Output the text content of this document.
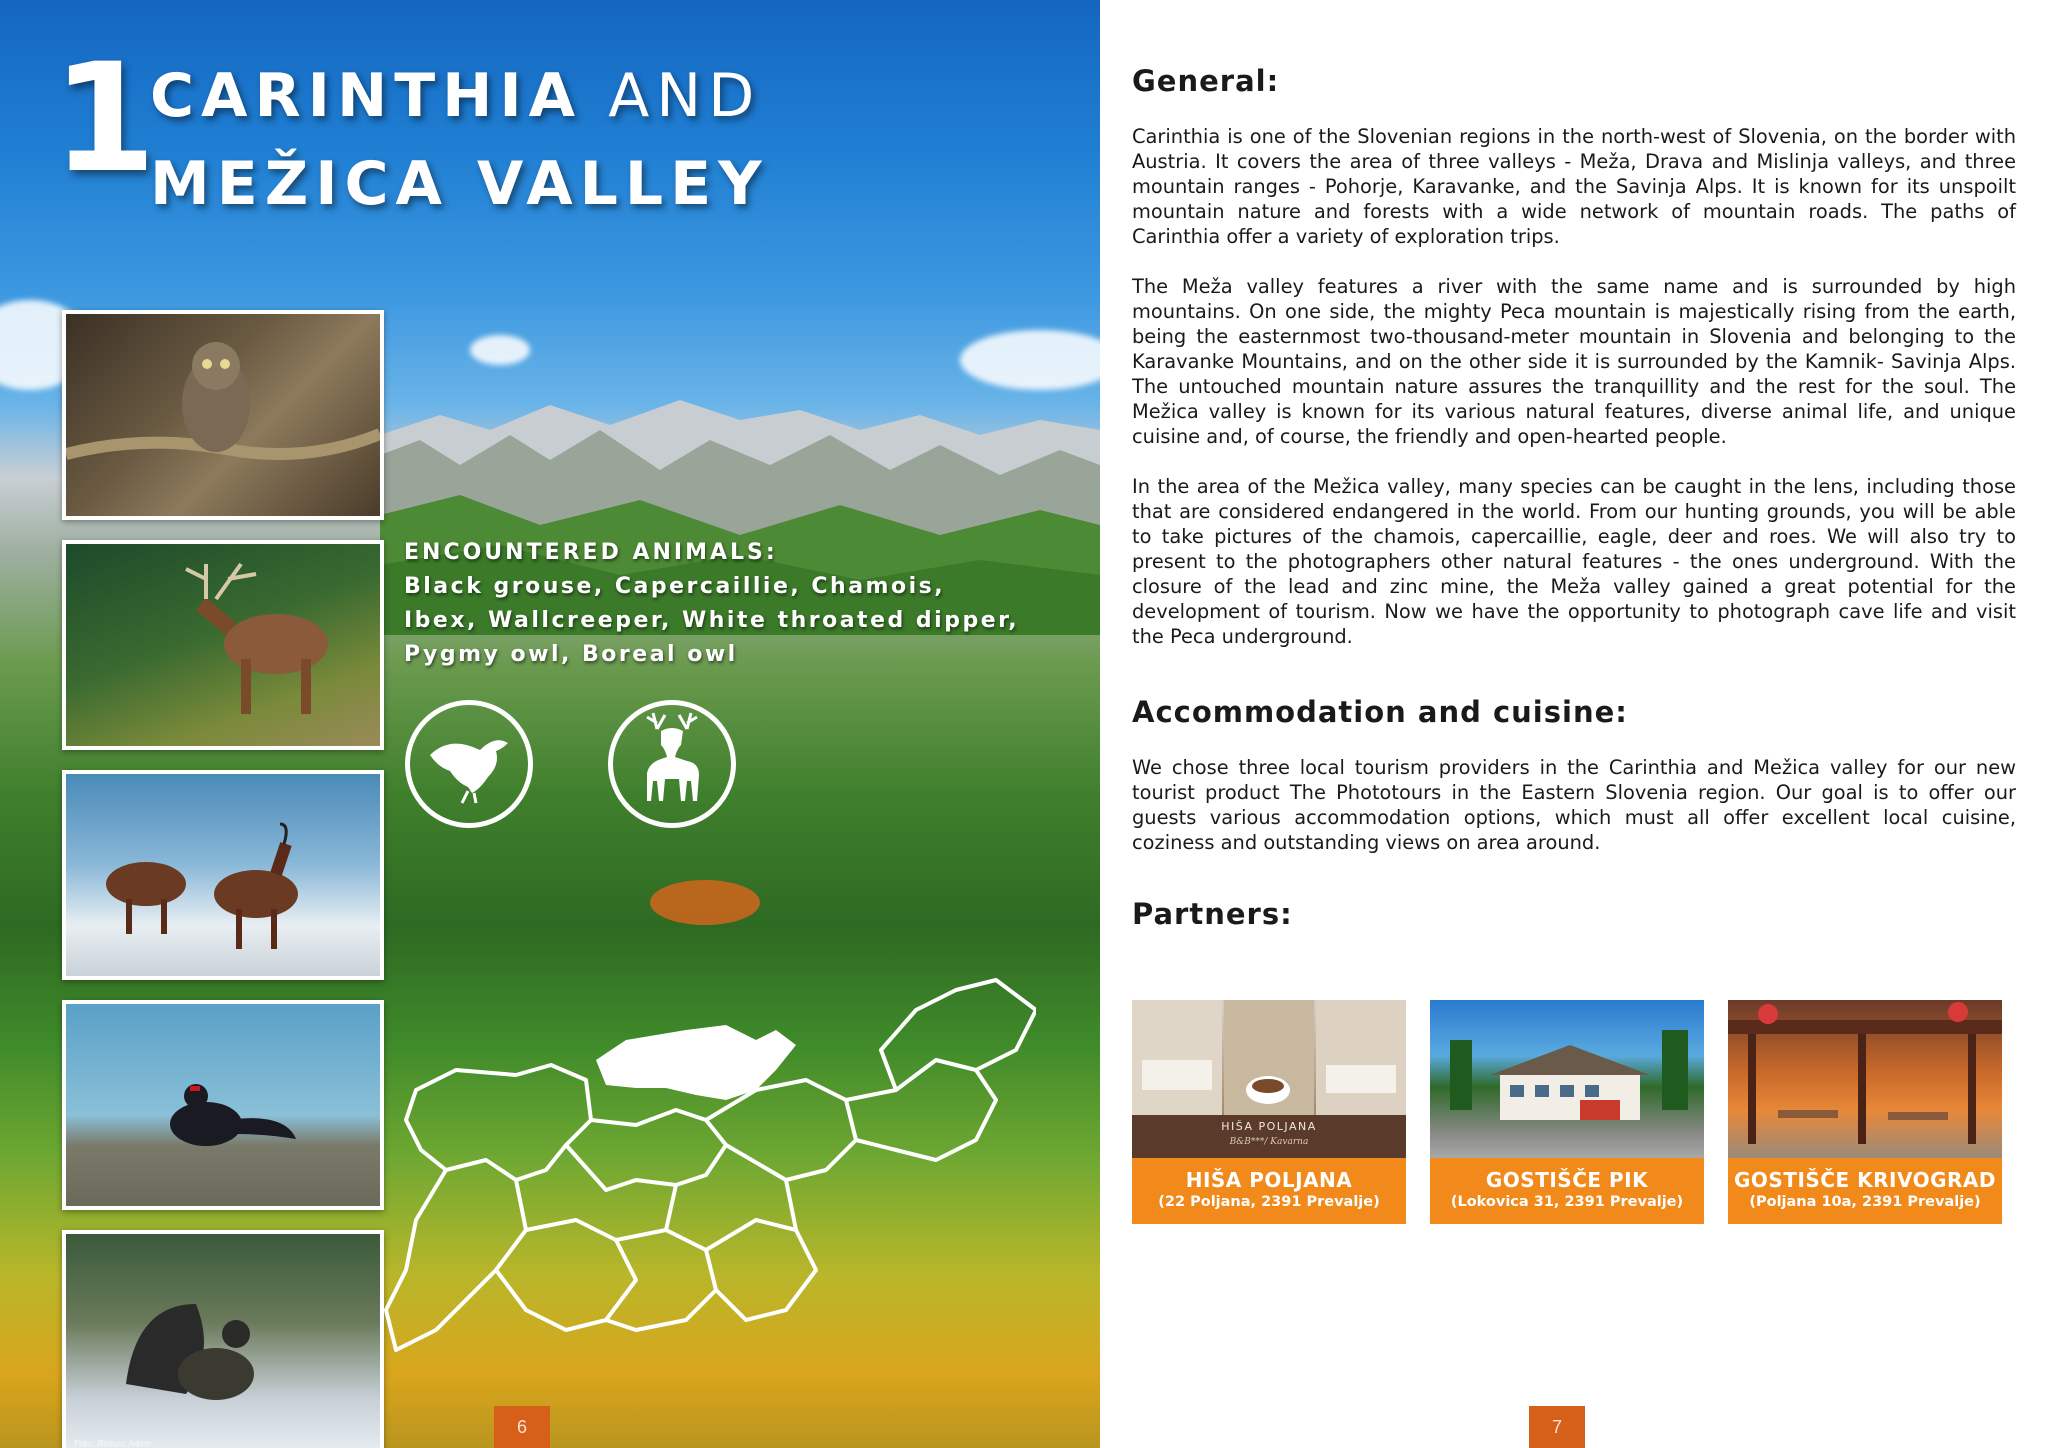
1
CARINTHIA AND
MEŽICA VALLEY
Foto: Roman Adam
ENCOUNTERED ANIMALS:
Black grouse, Capercaillie, Chamois,
Ibex, Wallcreeper, White throated dipper,
Pygmy owl, Boreal owl
6
General:

Carinthia is one of the Slovenian regions in the north-west of Slovenia, on the border with Austria. It covers the area of three valleys - Meža, Drava and Mislinja valleys, and three mountain ranges - Pohorje, Karavanke, and the Savinja Alps. It is known for its unspoilt mountain nature and forests with a wide network of mountain roads. The paths of Carinthia offer a variety of exploration trips.

The Meža valley features a river with the same name and is surrounded by high mountains. On one side, the mighty Peca mountain is majestically rising from the earth, being the easternmost two-thousand-meter mountain in Slovenia and belonging to the Karavanke Mountains, and on the other side it is surrounded by the Kamnik- Savinja Alps. The untouched mountain nature assures the tranquillity and the rest for the soul. The Mežica valley is known for its various natural features, diverse animal life, and unique cuisine and, of course, the friendly and open-hearted people.

In the area of the Mežica valley, many species can be caught in the lens, including those that are considered endangered in the world. From our hunting grounds, you will be able to take pictures of the chamois, capercaillie, eagle, deer and roes. We will also try to present to the photographers other natural features - the ones underground. With the closure of the lead and zinc mine, the Meža valley gained a great potential for the development of tourism. Now we have the opportunity to photograph cave life and visit the Peca underground.

Accommodation and cuisine:

We chose three local tourism providers in the Carinthia and Mežica valley for our new tourist product The Phototours in the Eastern Slovenia region. Our goal is to offer our guests various accommodation options, which must all offer excellent local cuisine, coziness and outstanding views on area around.

Partners:
HIŠA POLJANA
B&B***/ Kavarna
HIŠA POLJANA
(22 Poljana, 2391 Prevalje)
GOSTIŠČE PIK
(Lokovica 31, 2391 Prevalje)
GOSTIŠČE KRIVOGRAD
(Poljana 10a, 2391 Prevalje)
7
